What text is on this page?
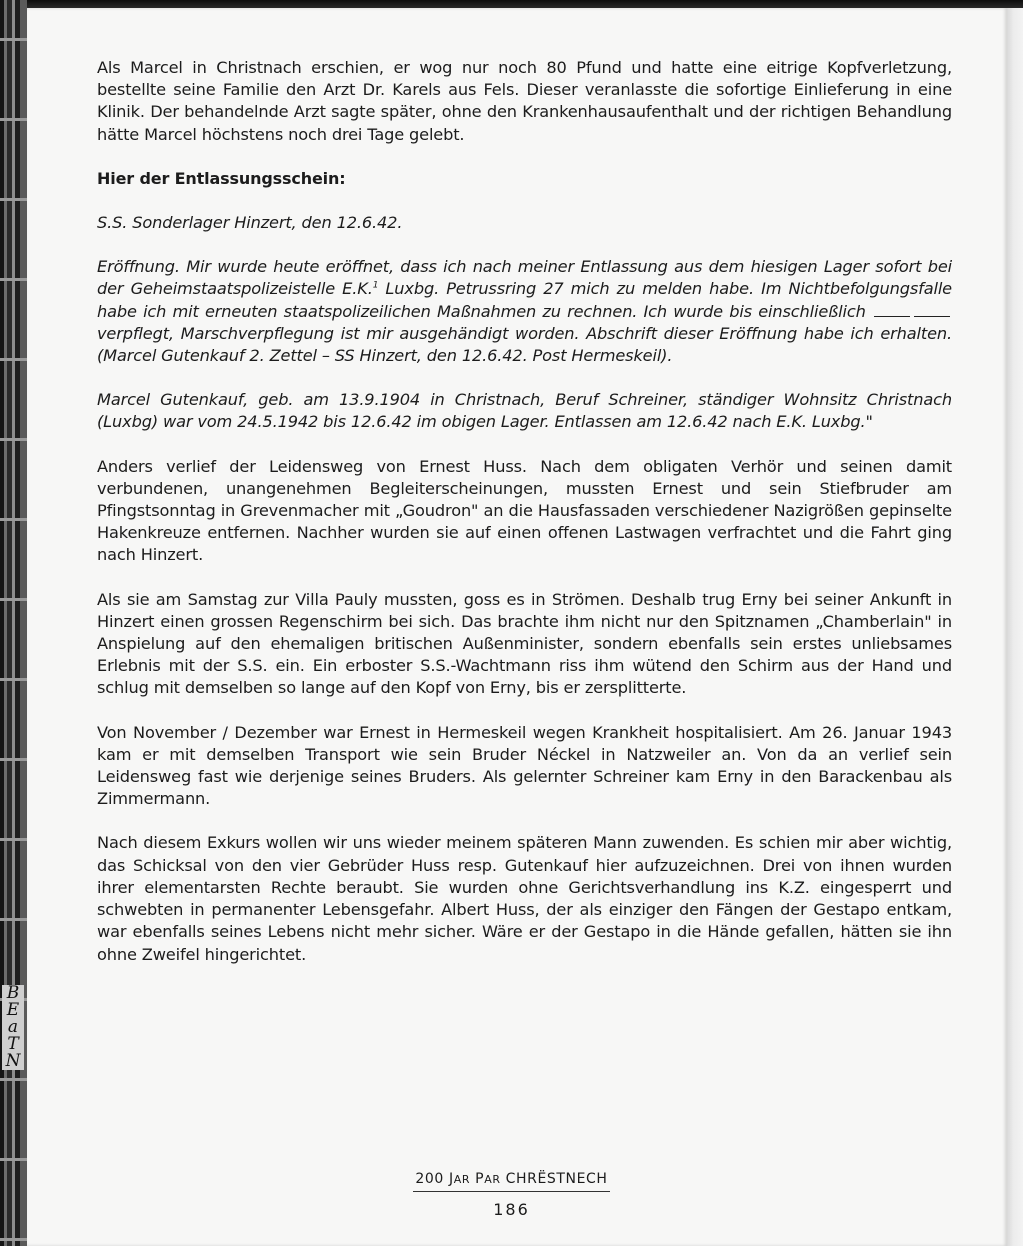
B
E
a
T
N

Als Marcel in Christnach erschien, er wog nur noch 80 Pfund und hatte eine eitrige Kopfverletzung, bestellte seine Familie den Arzt Dr. Karels aus Fels. Dieser veranlasste die sofortige Einlieferung in eine Klinik. Der behandelnde Arzt sagte später, ohne den Krankenhausaufenthalt und der richtigen Behandlung hätte Marcel höchstens noch drei Tage gelebt.

Hier der Entlassungsschein:

S.S. Sonderlager Hinzert, den 12.6.42.

Eröffnung. Mir wurde heute eröffnet, dass ich nach meiner Entlassung aus dem hiesigen Lager sofort bei der Geheimstaatspolizeistelle E.K.$^1$ Luxbg. Petrussring 27 mich zu melden habe. Im Nichtbefolgungsfalle habe ich mit erneuten staatspolizeilichen Maßnahmen zu rechnen. Ich wurde bis einschließlich  verpflegt, Marschverpflegung ist mir ausgehändigt worden. Abschrift dieser Eröffnung habe ich erhalten. (Marcel Gutenkauf 2. Zettel – SS Hinzert, den 12.6.42. Post Hermeskeil).

Marcel Gutenkauf, geb. am 13.9.1904 in Christnach, Beruf Schreiner, ständiger Wohnsitz Christnach (Luxbg) war vom 24.5.1942 bis 12.6.42 im obigen Lager. Entlassen am 12.6.42 nach E.K. Luxbg."

Anders verlief der Leidensweg von Ernest Huss. Nach dem obligaten Verhör und seinen damit verbundenen, unangenehmen Begleiterscheinungen, mussten Ernest und sein Stiefbruder am Pfingstsonntag in Grevenmacher mit „Goudron" an die Hausfassaden verschiedener Nazigrößen gepinselte Hakenkreuze entfernen. Nachher wurden sie auf einen offenen Lastwagen verfrachtet und die Fahrt ging nach Hinzert.

Als sie am Samstag zur Villa Pauly mussten, goss es in Strömen. Deshalb trug Erny bei seiner Ankunft in Hinzert einen grossen Regenschirm bei sich. Das brachte ihm nicht nur den Spitznamen „Chamberlain" in Anspielung auf den ehemaligen britischen Außenminister, sondern ebenfalls sein erstes unliebsames Erlebnis mit der S.S. ein. Ein erboster S.S.-Wachtmann riss ihm wütend den Schirm aus der Hand und schlug mit demselben so lange auf den Kopf von Erny, bis er zersplitterte.

Von November / Dezember war Ernest in Hermeskeil wegen Krankheit hospitalisiert. Am 26. Januar 1943 kam er mit demselben Transport wie sein Bruder Néckel in Natzweiler an. Von da an verlief sein Leidensweg fast wie derjenige seines Bruders. Als gelernter Schreiner kam Erny in den Barackenbau als Zimmermann.

Nach diesem Exkurs wollen wir uns wieder meinem späteren Mann zuwenden. Es schien mir aber wichtig, das Schicksal von den vier Gebrüder Huss resp. Gutenkauf hier aufzuzeichnen. Drei von ihnen wurden ihrer elementarsten Rechte beraubt. Sie wurden ohne Gerichtsverhandlung ins K.Z. eingesperrt und schwebten in permanenter Lebensgefahr. Albert Huss, der als einziger den Fängen der Gestapo entkam, war ebenfalls seines Lebens nicht mehr sicher. Wäre er der Gestapo in die Hände gefallen, hätten sie ihn ohne Zweifel hingerichtet.

200 JAR PAR CHRËSTNECH
186
